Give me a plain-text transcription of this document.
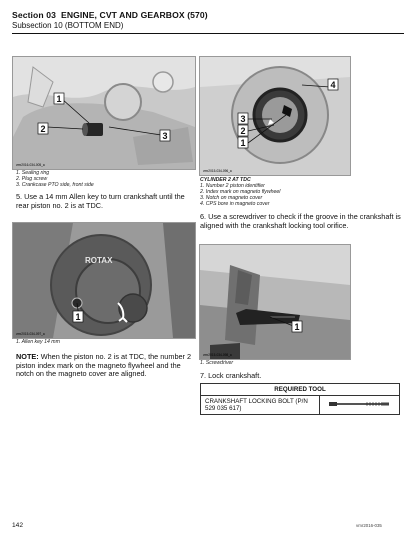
Section 03 ENGINE, CVT AND GEARBOX (570)
Subsection 10 (BOTTOM END)
1
2
3
vmr2016-034-005_a
1. Sealing ring
2. Plug screw
3. Crankcase PTO side, front side
5. Use a 14 mm Allen key to turn crankshaft until the rear piston no. 2 is at TDC.
ROTAX
1
vmr2015-034-097_a
1. Allen key 14 mm
NOTE: When the piston no. 2 is at TDC, the number 2 piston index mark on the magneto flywheel and the notch on the magneto cover are aligned.
4
3
2
1
vmr2015-034-096_a
CYLINDER 2 AT TDC
1. Number 2 piston identifier
2. Index mark on magneto flywheel
3. Notch on magneto cover
4. CPS bore in magneto cover
6. Use a screwdriver to check if the groove in the crankshaft is aligned with the crankshaft locking tool orifice.
1
vmr2015-034-098_a
1. Screwdriver
7. Lock crankshaft.
REQUIRED TOOL
CRANKSHAFT LOCKING BOLT (P/N 529 035 617)	
142	vmr2016-035
